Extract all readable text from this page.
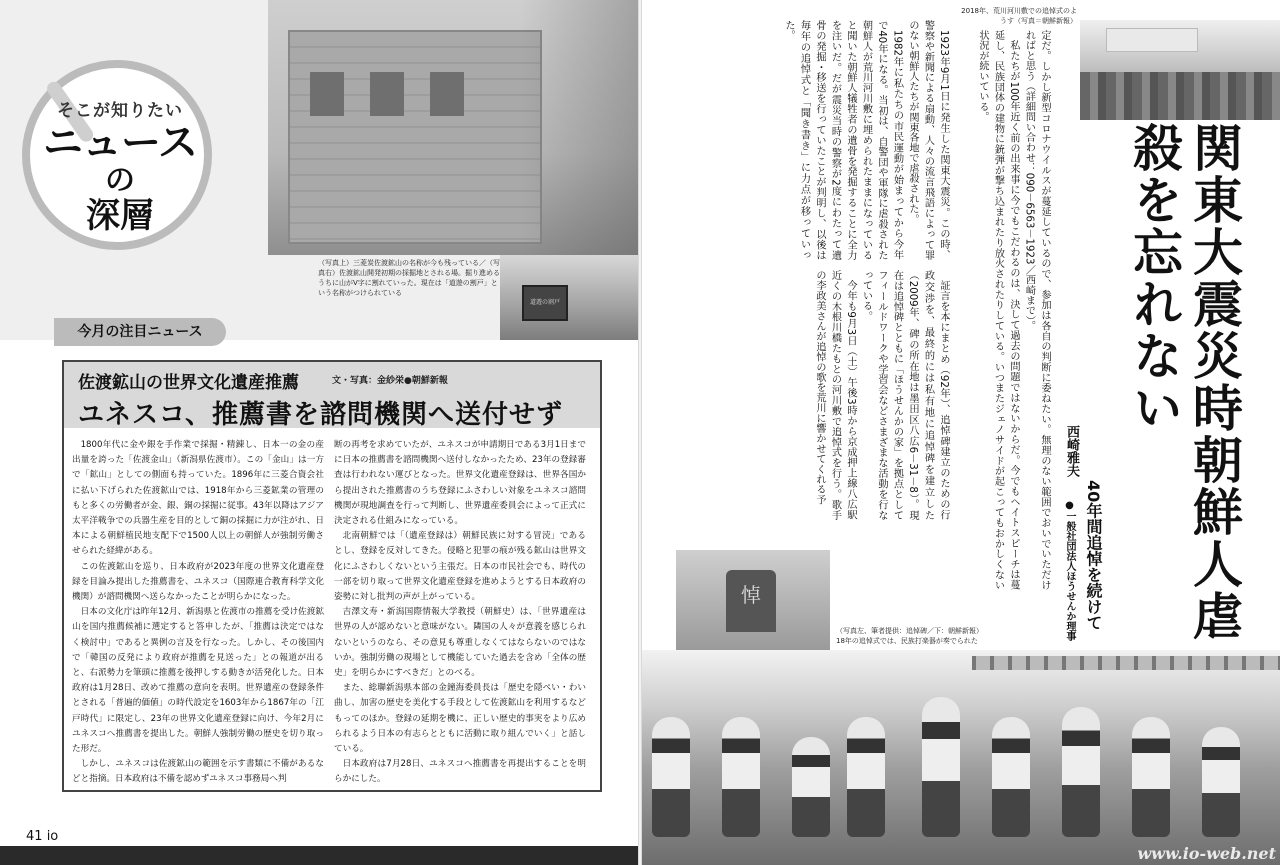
そこが知りたい
ニュース
の
深層
道遊の割戸
（写真上）三菱炭佐渡鉱山の名称が今も残っている／（写真右）佐渡鉱山開発初期の採掘地とされる場。掘り進めるうちに山がV字に割れていった。現在は「道遊の割戸」という名称がつけられている
今月の注目ニュース
佐渡鉱山の世界文化遺産推薦	文・写真：金紗栄●朝鮮新報
ユネスコ、推薦書を諮問機関へ送付せず

1800年代に金や銀を手作業で採掘・精錬し、日本一の金の産出量を誇った「佐渡金山」（新潟県佐渡市）。この「金山」は一方で「鉱山」としての側面も持っていた。1896年に三菱合資会社に払い下げられた佐渡鉱山では、1918年から三菱鉱業の管理のもと多くの労働者が金、銀、銅の採掘に従事。43年以降はアジア太平洋戦争での兵器生産を目的として銅の採掘に力が注がれ、日本による朝鮮植民地支配下で1500人以上の朝鮮人が強制労働させられた経緯がある。

この佐渡鉱山を巡り、日本政府が2023年度の世界文化遺産登録を目論み提出した推薦書を、ユネスコ（国際連合教育科学文化機関）が諮問機関へ送らなかったことが明らかになった。

日本の文化庁は昨年12月、新潟県と佐渡市の推薦を受け佐渡鉱山を国内推薦候補に選定すると答申したが、「推薦は決定ではなく検討中」であると異例の言及を行なった。しかし、その後国内で「韓国の反発により政府が推薦を見送った」との報道が出ると、右派勢力を筆頭に推薦を後押しする動きが活発化した。日本政府は1月28日、改めて推薦の意向を表明。世界遺産の登録条件とされる「普遍的価値」の時代設定を1603年から1867年の「江戸時代」に限定し、23年の世界文化遺産登録に向け、今年2月にユネスコへ推薦書を提出した。朝鮮人強制労働の歴史を切り取った形だ。

しかし、ユネスコは佐渡鉱山の範囲を示す書類に不備があるなどと指摘。日本政府は不備を認めずユネスコ事務局へ判

断の再考を求めていたが、ユネスコが申請期日である3月1日までに日本の推薦書を諮問機関へ送付しなかったため、23年の登録審査は行われない運びとなった。世界文化遺産登録は、世界各国から提出された推薦書のうち登録にふさわしい対象をユネスコ諮問機関が現地調査を行って判断し、世界遺産委員会によって正式に決定される仕組みになっている。

北南朝鮮では「（遺産登録は）朝鮮民族に対する冒涜」であるとし、登録を反対してきた。侵略と犯罪の痕が残る鉱山は世界文化にふさわしくないという主張だ。日本の市民社会でも、時代の一部を切り取って世界文化遺産登録を進めようとする日本政府の姿勢に対し批判の声が上がっている。

吉澤文寿・新潟国際情報大学教授（朝鮮史）は、「世界遺産は世界の人が認めないと意味がない。隣国の人々が意義を感じられないというのなら、その意見も尊重しなくてはならないのではないか。強制労働の現場として機能していた過去を含め「全体の歴史」を明らかにすべきだ」とのべる。

また、総聯新潟県本部の金鐘海委員長は「歴史を隠ぺい・わい曲し、加害の歴史を美化する手段として佐渡鉱山を利用するなどもってのほか。登録の延期を機に、正しい歴史的事実をより広められるよう日本の有志らとともに活動に取り組んでいく」と話している。

日本政府は7月28日、ユネスコへ推薦書を再提出することを明らかにした。

41 io
2018年、荒川河川敷での追悼式のようす（写真＝朝鮮新報）

1923年9月1日に発生した関東大震災。この時、警察や新聞による扇動、人々の流言飛語によって罪のない朝鮮人たちが関東各地で虐殺された。

1982年に私たちの市民運動が始まってから今年で40年になる。当初は、自警団や軍隊に虐殺された朝鮮人が荒川河川敷に埋められたままになっていると聞いた朝鮮人犠牲者の遺骨を発掘することに全力を注いだ。だが震災当時の警察が2度にわたって遺骨の発掘・移送を行っていたことが判明し、以後は毎年の追悼式と「聞き書き」に力点が移っていった。

証言を本にまとめ（92年）、追悼碑建立のための行政交渉を、最終的には私有地に追悼碑を建立した（2009年、碑の所在地は墨田区八広6－31－8）。現在は追悼碑とともに「ほうせんかの家」を拠点としてフィールドワークや学習会などさまざまな活動を行なっている。

今年も9月3日（土）午後3時から京成押上線八広駅近くの木根川橋たもとの河川敷で追悼式を行う。歌手の李政美さんが追悼の歌を荒川に響かせてくれる予	定だ。しかし新型コロナウイルスが蔓延しているので、参加は各自の判断に委ねたい。無理のない範囲でおいでいただければと思う（詳細問い合わせ：090－6563－1923／西崎まで）。

私たちが100年近く前の出来事に今でもこだわるのは、決して過去の問題ではないからだ。今でもヘイトスピーチは蔓延し、民族団体の建物に銃弾が撃ち込まれたり放火されたりしている。いつまたジェノサイドが起こってもおかしくない状況が続いている。

関東大震災時朝鮮人虐殺を忘れない
40年間追悼を続けて
西崎雅夫
●一般社団法人ほうせんか理事
悼
（写真左、筆者提供：追悼碑／下：朝鮮新報）18年の追悼式では、民族打楽器が奏でられた
www.io-web.net
